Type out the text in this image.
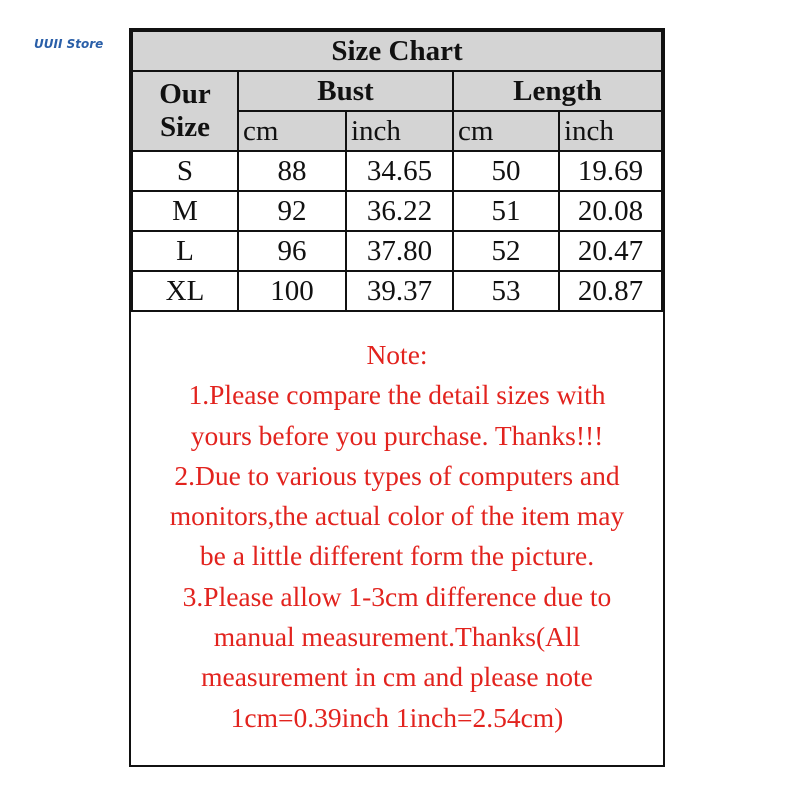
UUII Store	Size Chart				
Our
Size	Bust		Length	
	cm	inch	cm	inch
S	88	34.65	50	19.69
M	92	36.22	51	20.08
L	96	37.80	52	20.47
XL	100	39.37	53	20.87
Note:
1.Please compare the detail sizes with
yours before you purchase. Thanks!!!
2.Due to various types of computers and
monitors,the actual color of the item may
be a little different form the picture.
3.Please allow 1-3cm difference due to
manual measurement.Thanks(All
measurement in cm and please note
1cm=0.39inch 1inch=2.54cm)
